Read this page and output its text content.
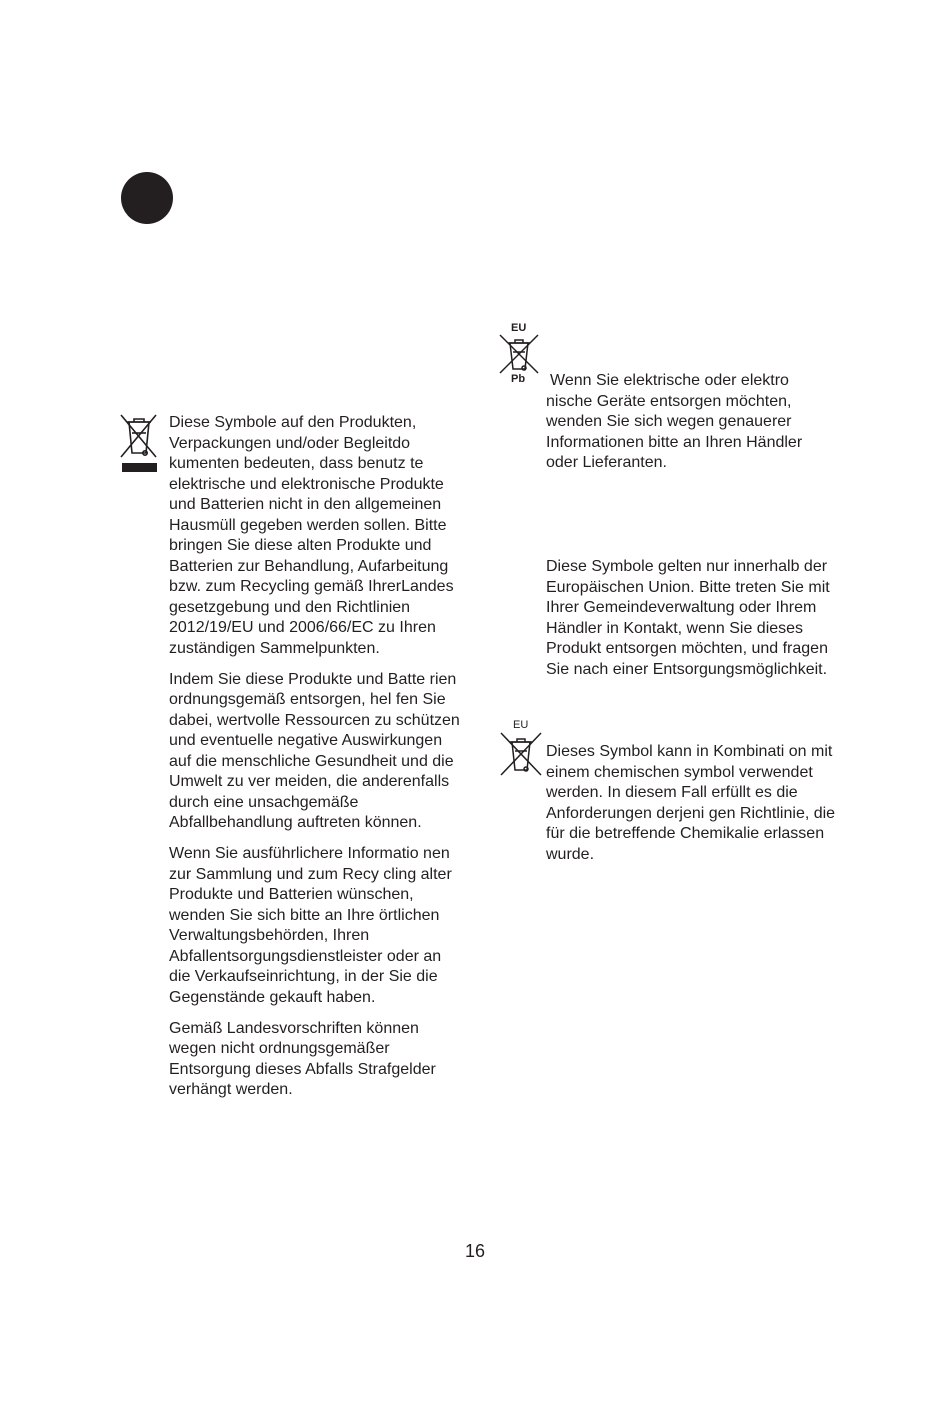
EU
Pb
EU

Diese Symbole auf den Produkten, Verpackungen und/oder Begleitdo kumenten bedeuten, dass benutz te elektrische und elektronische Produkte und Batterien nicht in den allgemeinen Hausmüll gegeben werden sollen. Bitte bringen Sie diese alten Produkte und Batterien zur Behandlung, Aufarbeitung bzw. zum Recycling gemäß IhrerLandes gesetzgebung und den Richtlinien 2012/19/EU und 2006/66/EC zu Ihren zuständigen Sammelpunkten.

Indem Sie diese Produkte und Batte rien ordnungsgemäß entsorgen, hel fen Sie dabei, wertvolle Ressourcen zu schützen und eventuelle negative Auswirkungen auf die menschliche Gesundheit und die Umwelt zu ver meiden, die anderenfalls durch eine unsachgemäße Abfallbehandlung auftreten können.

Wenn Sie ausführlichere Informatio nen zur Sammlung und zum Recy cling alter Produkte und Batterien wünschen, wenden Sie sich bitte an Ihre örtlichen Verwaltungsbehörden, Ihren Abfallentsorgungsdienstleister oder an die Verkaufseinrichtung, in der Sie die Gegenstände gekauft haben.

Gemäß Landesvorschriften können wegen nicht ordnungsgemäßer Entsorgung dieses Abfalls Strafgelder verhängt werden.

Wenn Sie elektrische oder elektro nische Geräte entsorgen möchten, wenden Sie sich wegen genauerer Informationen bitte an Ihren Händler oder Lieferanten.

Diese Symbole gelten nur innerhalb der Europäischen Union. Bitte treten Sie mit Ihrer Gemeindeverwaltung oder Ihrem Händler in Kontakt, wenn Sie dieses Produkt entsorgen möchten, und fragen Sie nach einer Entsorgungsmöglichkeit.

Dieses Symbol kann in Kombinati on mit einem chemischen symbol verwendet werden. In diesem Fall erfüllt es die Anforderungen derjeni gen Richtlinie, die für die betreffende Chemikalie erlassen wurde.

16
